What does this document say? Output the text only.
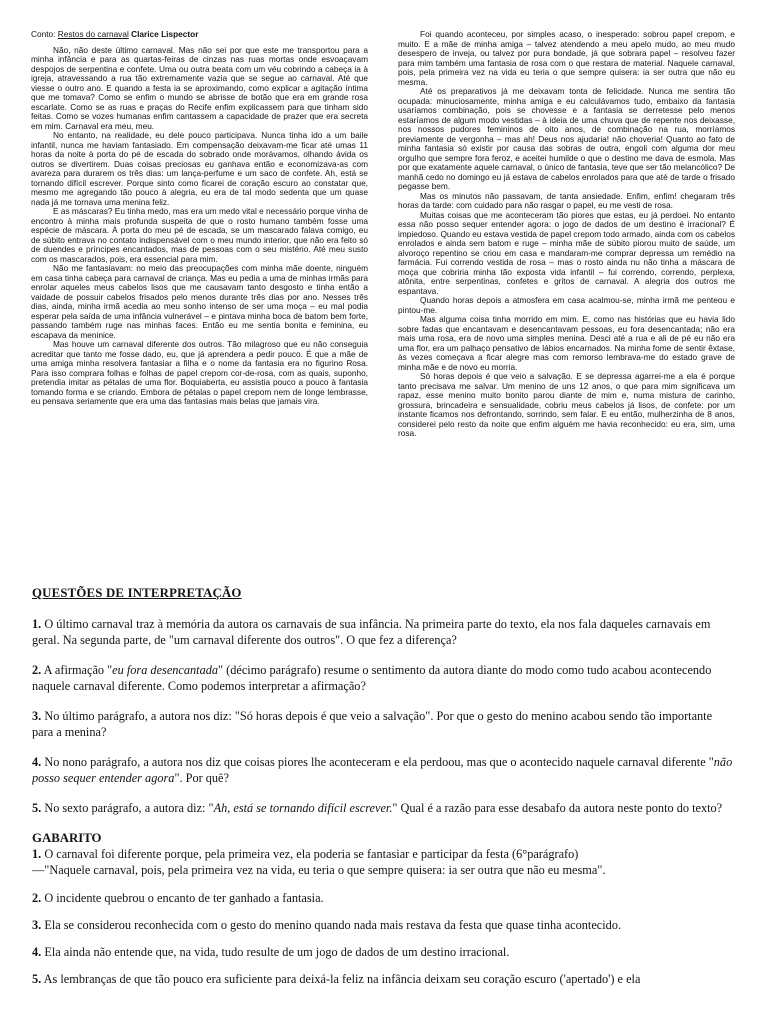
Conto: Restos do carnaval Clarice Lispector

Não, não deste último carnaval. Mas não sei por que este me transportou para a minha infância e para as quartas-feiras de cinzas nas ruas mortas onde esvoaçavam despojos de serpentina e confete. Uma ou outra beata com um véu cobrindo a cabeça ia à igreja, atravessando a rua tão extremamente vazia que se segue ao carnaval. Até que viesse o outro ano. E quando a festa ia se aproximando, como explicar a agitação íntima que me tomava? Como se enfim o mundo se abrisse de botão que era em grande rosa escarlate. Como se as ruas e praças do Recife enfim explicassem para que tinham sido feitas. Como se vozes humanas enfim cantassem a capacidade de prazer que era secreta em mim. Carnaval era meu, meu.

No entanto, na realidade, eu dele pouco participava. Nunca tinha ido a um baile infantil, nunca me haviam fantasiado. Em compensação deixavam-me ficar até umas 11 horas da noite à porta do pé de escada do sobrado onde morávamos, olhando ávida os outros se divertirem. Duas coisas preciosas eu ganhava então e economizava-as com avareza para durarem os três dias: um lança-perfume e um saco de confete. Ah, está se tornando difícil escrever. Porque sinto como ficarei de coração escuro ao constatar que, mesmo me agregando tão pouco à alegria, eu era de tal modo sedenta que um quase nada já me tornava uma menina feliz.

E as máscaras? Eu tinha medo, mas era um medo vital e necessário porque vinha de encontro à minha mais profunda suspeita de que o rosto humano também fosse uma espécie de máscara. À porta do meu pé de escada, se um mascarado falava comigo, eu de súbito entrava no contato indispensável com o meu mundo interior, que não era feito só de duendes e príncipes encantados, mas de pessoas com o seu mistério. Até meu susto com os mascarados, pois, era essencial para mim.

Não me fantasiavam: no meio das preocupações com minha mãe doente, ninguém em casa tinha cabeça para carnaval de criança. Mas eu pedia a uma de minhas irmãs para enrolar aqueles meus cabelos lisos que me causavam tanto desgosto e tinha então a vaidade de possuir cabelos frisados pelo menos durante três dias por ano. Nesses três dias, ainda, minha irmã acedia ao meu sonho intenso de ser uma moça – eu mal podia esperar pela saída de uma infância vulnerável – e pintava minha boca de batom bem forte, passando também ruge nas minhas faces. Então eu me sentia bonita e feminina, eu escapava da meninice.

Mas houve um carnaval diferente dos outros. Tão milagroso que eu não conseguia acreditar que tanto me fosse dado, eu, que já aprendera a pedir pouco. É que a mãe de uma amiga minha resolvera fantasiar a filha e o nome da fantasia era no figurino Rosa. Para isso comprara folhas e folhas de papel crepom cor-de-rosa, com as quais, suponho, pretendia imitar as pétalas de uma flor. Boquiaberta, eu assistia pouco a pouco à fantasia tomando forma e se criando. Embora de pétalas o papel crepom nem de longe lembrasse, eu pensava seriamente que era uma das fantasias mais belas que jamais vira.

Foi quando aconteceu, por simples acaso, o inesperado: sobrou papel crepom, e muito. E a mãe de minha amiga – talvez atendendo a meu apelo mudo, ao meu mudo desespero de inveja, ou talvez por pura bondade, já que sobrara papel – resolveu fazer para mim também uma fantasia de rosa com o que restara de material. Naquele carnaval, pois, pela primeira vez na vida eu teria o que sempre quisera: ia ser outra que não eu mesma.

Até os preparativos já me deixavam tonta de felicidade. Nunca me sentira tão ocupada: minuciosamente, minha amiga e eu calculávamos tudo, embaixo da fantasia usaríamos combinação, pois se chovesse e a fantasia se derretesse pelo menos estaríamos de algum modo vestidas – à ideia de uma chuva que de repente nos deixasse, nos nossos pudores femininos de oito anos, de combinação na rua, morríamos previamente de vergonha – mas ah! Deus nos ajudaria! não choveria! Quanto ao fato de minha fantasia só existir por causa das sobras de outra, engoli com alguma dor meu orgulho que sempre fora feroz, e aceitei humilde o que o destino me dava de esmola. Mas por que exatamente aquele carnaval, o único de fantasia, teve que ser tão melancólico? De manhã cedo no domingo eu já estava de cabelos enrolados para que até de tarde o frisado pegasse bem.

Mas os minutos não passavam, de tanta ansiedade. Enfim, enfim! chegaram três horas da tarde: com cuidado para não rasgar o papel, eu me vesti de rosa.

Muitas coisas que me aconteceram tão piores que estas, eu já perdoei. No entanto essa não posso sequer entender agora: o jogo de dados de um destino é irracional? É impiedoso. Quando eu estava vestida de papel crepom todo armado, ainda com os cabelos enrolados e ainda sem batom e ruge – minha mãe de súbito piorou muito de saúde, um alvoroço repentino se criou em casa e mandaram-me comprar depressa um remédio na farmácia. Fui correndo vestida de rosa – mas o rosto ainda nu não tinha a máscara de moça que cobriria minha tão exposta vida infantil – fui correndo, correndo, perplexa, atônita, entre serpentinas, confetes e gritos de carnaval. A alegria dos outros me espantava.

Quando horas depois a atmosfera em casa acalmou-se, minha irmã me penteou e pintou-me.

Mas alguma coisa tinha morrido em mim. E, como nas histórias que eu havia lido sobre fadas que encantavam e desencantavam pessoas, eu fora desencantada; não era mais uma rosa, era de novo uma simples menina. Desci até a rua e ali de pé eu não era uma flor, era um palhaço pensativo de lábios encarnados. Na minha fome de sentir êxtase, às vezes começava a ficar alegre mas com remorso lembrava-me do estado grave de minha mãe e de novo eu morria.

Só horas depois é que veio a salvação. E se depressa agarrei-me a ela é porque tanto precisava me salvar. Um menino de uns 12 anos, o que para mim significava um rapaz, esse menino muito bonito parou diante de mim e, numa mistura de carinho, grossura, brincadeira e sensualidade, cobriu meus cabelos já lisos, de confete: por um instante ficamos nos defrontando, sorrindo, sem falar. E eu então, mulherzinha de 8 anos, considerei pelo resto da noite que enfim alguém me havia reconhecido: eu era, sim, uma rosa.

QUESTÕES DE INTERPRETAÇÃO

1. O último carnaval traz à memória da autora os carnavais de sua infância. Na primeira parte do texto, ela nos fala daqueles carnavais em geral. Na segunda parte, de "um carnaval diferente dos outros". O que fez a diferença?

2. A afirmação "eu fora desencantada" (décimo parágrafo) resume o sentimento da autora diante do modo como tudo acabou acontecendo naquele carnaval diferente. Como podemos interpretar a afirmação?

3. No último parágrafo, a autora nos diz: "Só horas depois é que veio a salvação". Por que o gesto do menino acabou sendo tão importante para a menina?

4. No nono parágrafo, a autora nos diz que coisas piores lhe aconteceram e ela perdoou, mas que o acontecido naquele carnaval diferente "não posso sequer entender agora". Por quê?

5. No sexto parágrafo, a autora diz: "Ah, está se tornando difícil escrever." Qual é a razão para esse desabafo da autora neste ponto do texto?

GABARITO

1. O carnaval foi diferente porque, pela primeira vez, ela poderia se fantasiar e participar da festa (6°parágrafo)
—"Naquele carnaval, pois, pela primeira vez na vida, eu teria o que sempre quisera: ia ser outra que não eu mesma".

2. O incidente quebrou o encanto de ter ganhado a fantasia.

3. Ela se considerou reconhecida com o gesto do menino quando nada mais restava da festa que quase tinha acontecido.

4. Ela ainda não entende que, na vida, tudo resulte de um jogo de dados de um destino irracional.

5. As lembranças de que tão pouco era suficiente para deixá-la feliz na infância deixam seu coração escuro ('apertado') e ela
